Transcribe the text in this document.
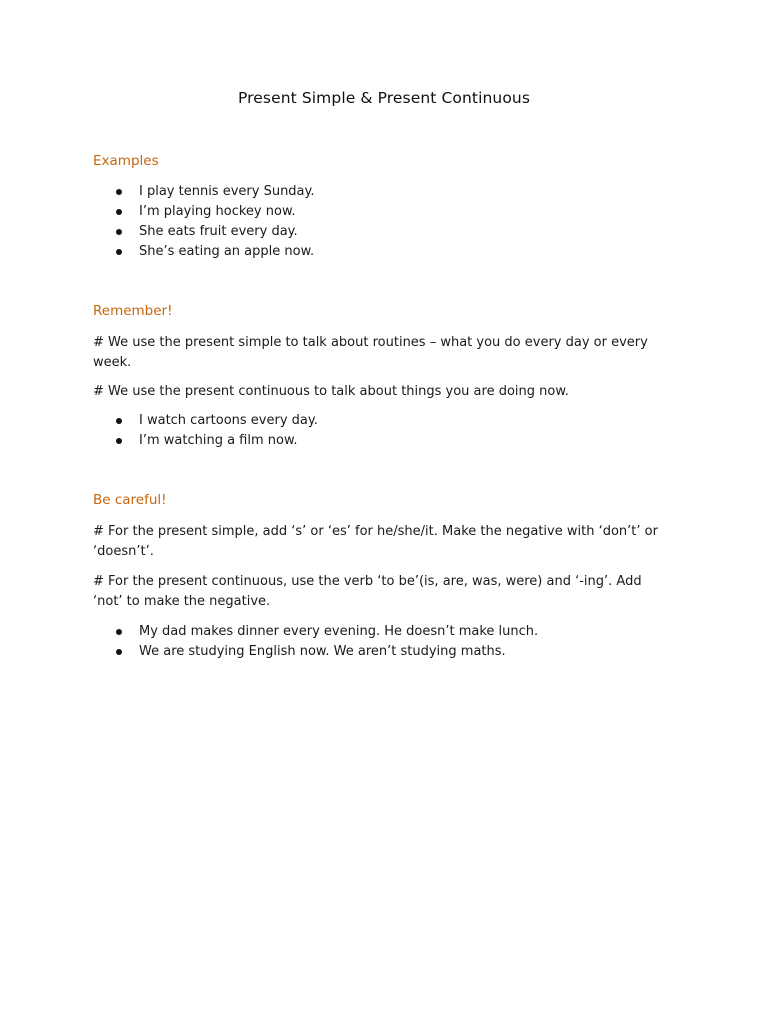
Present Simple & Present Continuous
Examples
I play tennis every Sunday.
I’m playing hockey now.
She eats fruit every day.
She’s eating an apple now.
Remember!
# We use the present simple to talk about routines – what you do every day or every week.
# We use the present continuous to talk about things you are doing now.
I watch cartoons every day.
I’m watching a film now.
Be careful!
# For the present simple, add ‘s’ or ‘es’ for he/she/it. Make the negative with ‘don’t’ or ‘doesn’t’.
# For the present continuous, use the verb ‘to be’(is, are, was, were) and ‘-ing’. Add ‘not’ to make the negative.
My dad makes dinner every evening. He doesn’t make lunch.
We are studying English now. We aren’t studying maths.
